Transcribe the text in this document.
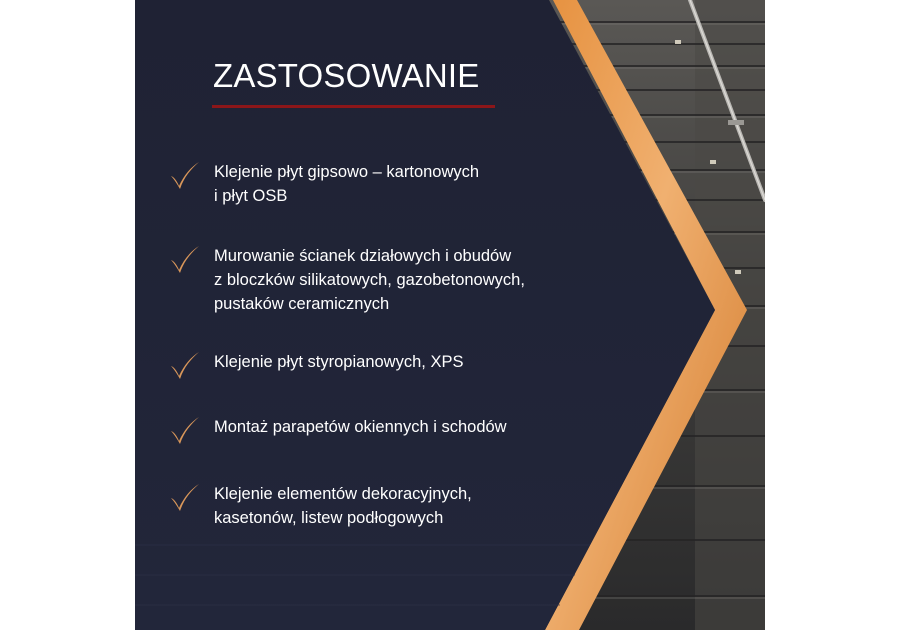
ZASTOSOWANIE
Klejenie płyt gipsowo – kartonowych
i płyt OSB
Murowanie ścianek działowych i obudów
z bloczków silikatowych, gazobetonowych,
pustaków ceramicznych
Klejenie płyt styropianowych, XPS
Montaż parapetów okiennych i schodów
Klejenie elementów dekoracyjnych,
kasetonów, listew podłogowych
